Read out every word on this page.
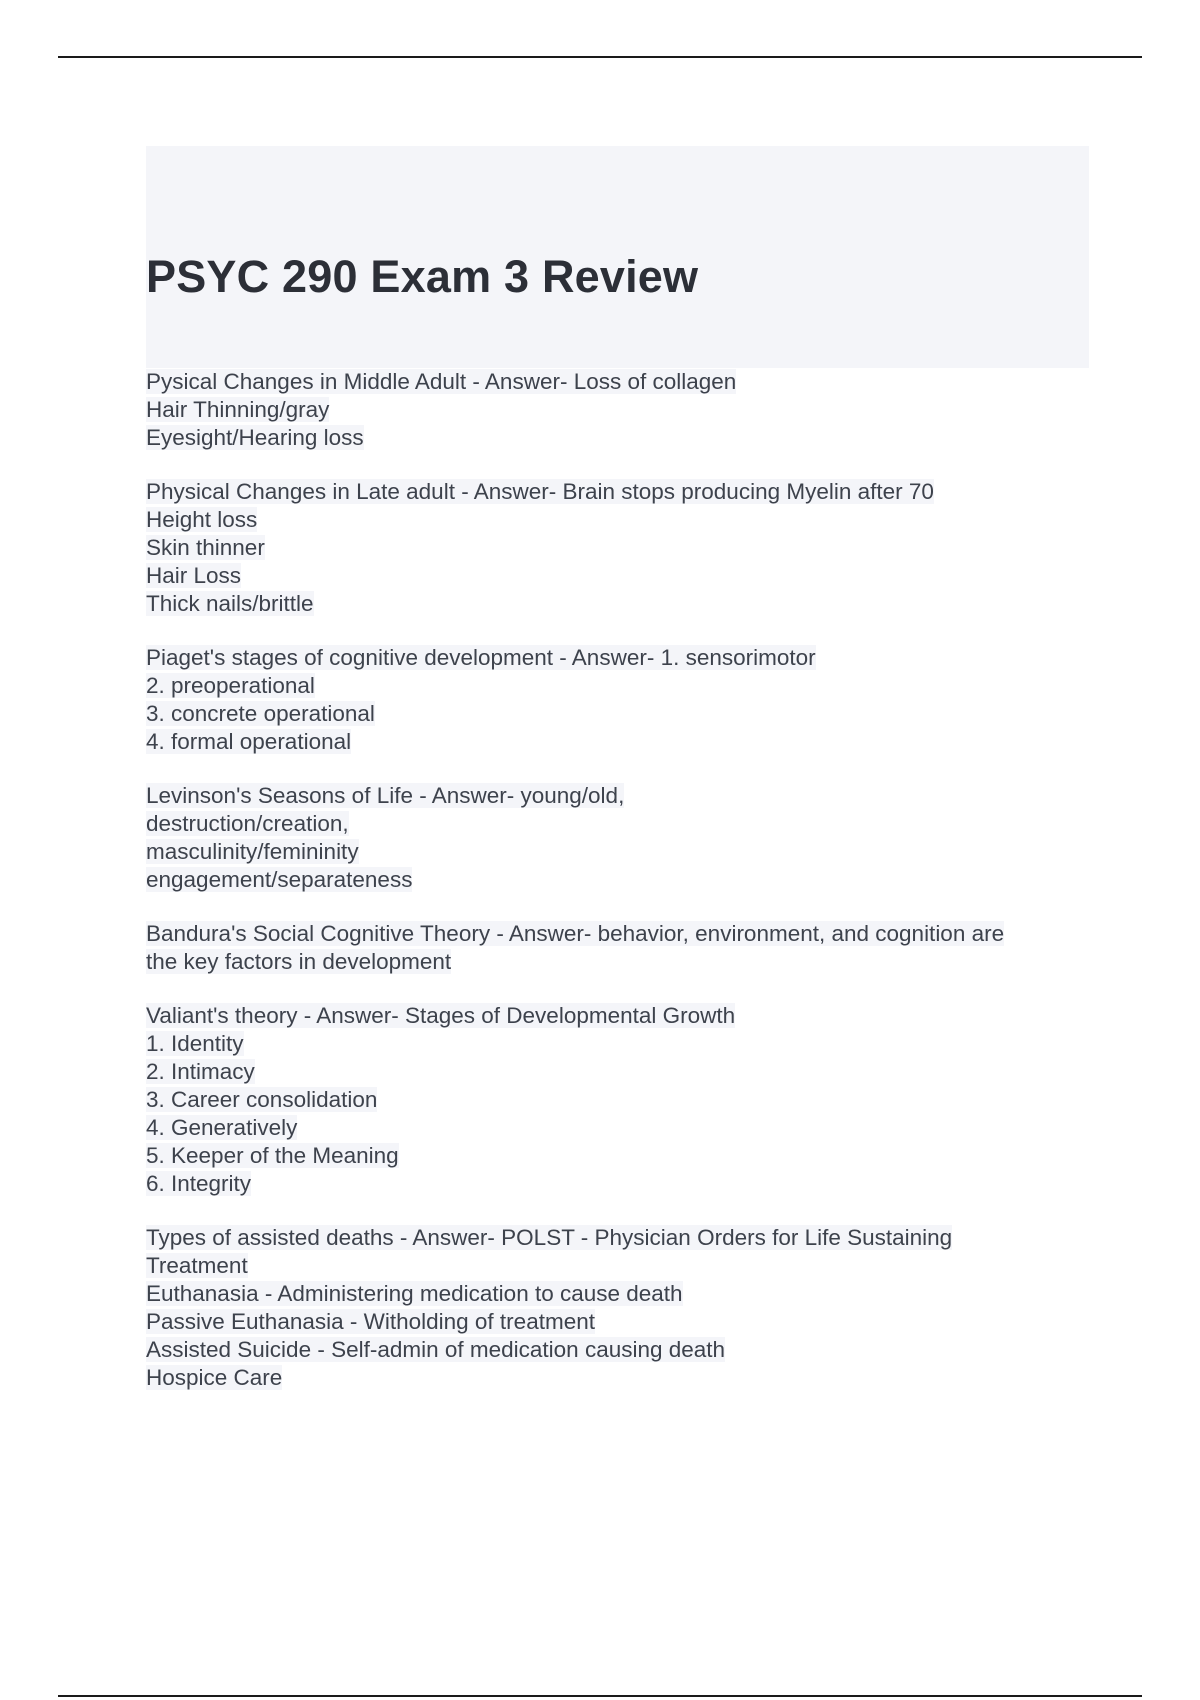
PSYC 290 Exam 3 Review
Pysical Changes in Middle Adult - Answer- Loss of collagen
Hair Thinning/gray
Eyesight/Hearing loss
Physical Changes in Late adult - Answer- Brain stops producing Myelin after 70
Height loss
Skin thinner
Hair Loss
Thick nails/brittle
Piaget's stages of cognitive development - Answer- 1. sensorimotor
2. preoperational
3. concrete operational
4. formal operational
Levinson's Seasons of Life - Answer- young/old,
destruction/creation,
masculinity/femininity
engagement/separateness
Bandura's Social Cognitive Theory - Answer- behavior, environment, and cognition are
the key factors in development
Valiant's theory - Answer- Stages of Developmental Growth
1. Identity
2. Intimacy
3. Career consolidation
4. Generatively
5. Keeper of the Meaning
6. Integrity
Types of assisted deaths - Answer- POLST - Physician Orders for Life Sustaining
Treatment
Euthanasia - Administering medication to cause death
Passive Euthanasia - Witholding of treatment
Assisted Suicide - Self-admin of medication causing death
Hospice Care
